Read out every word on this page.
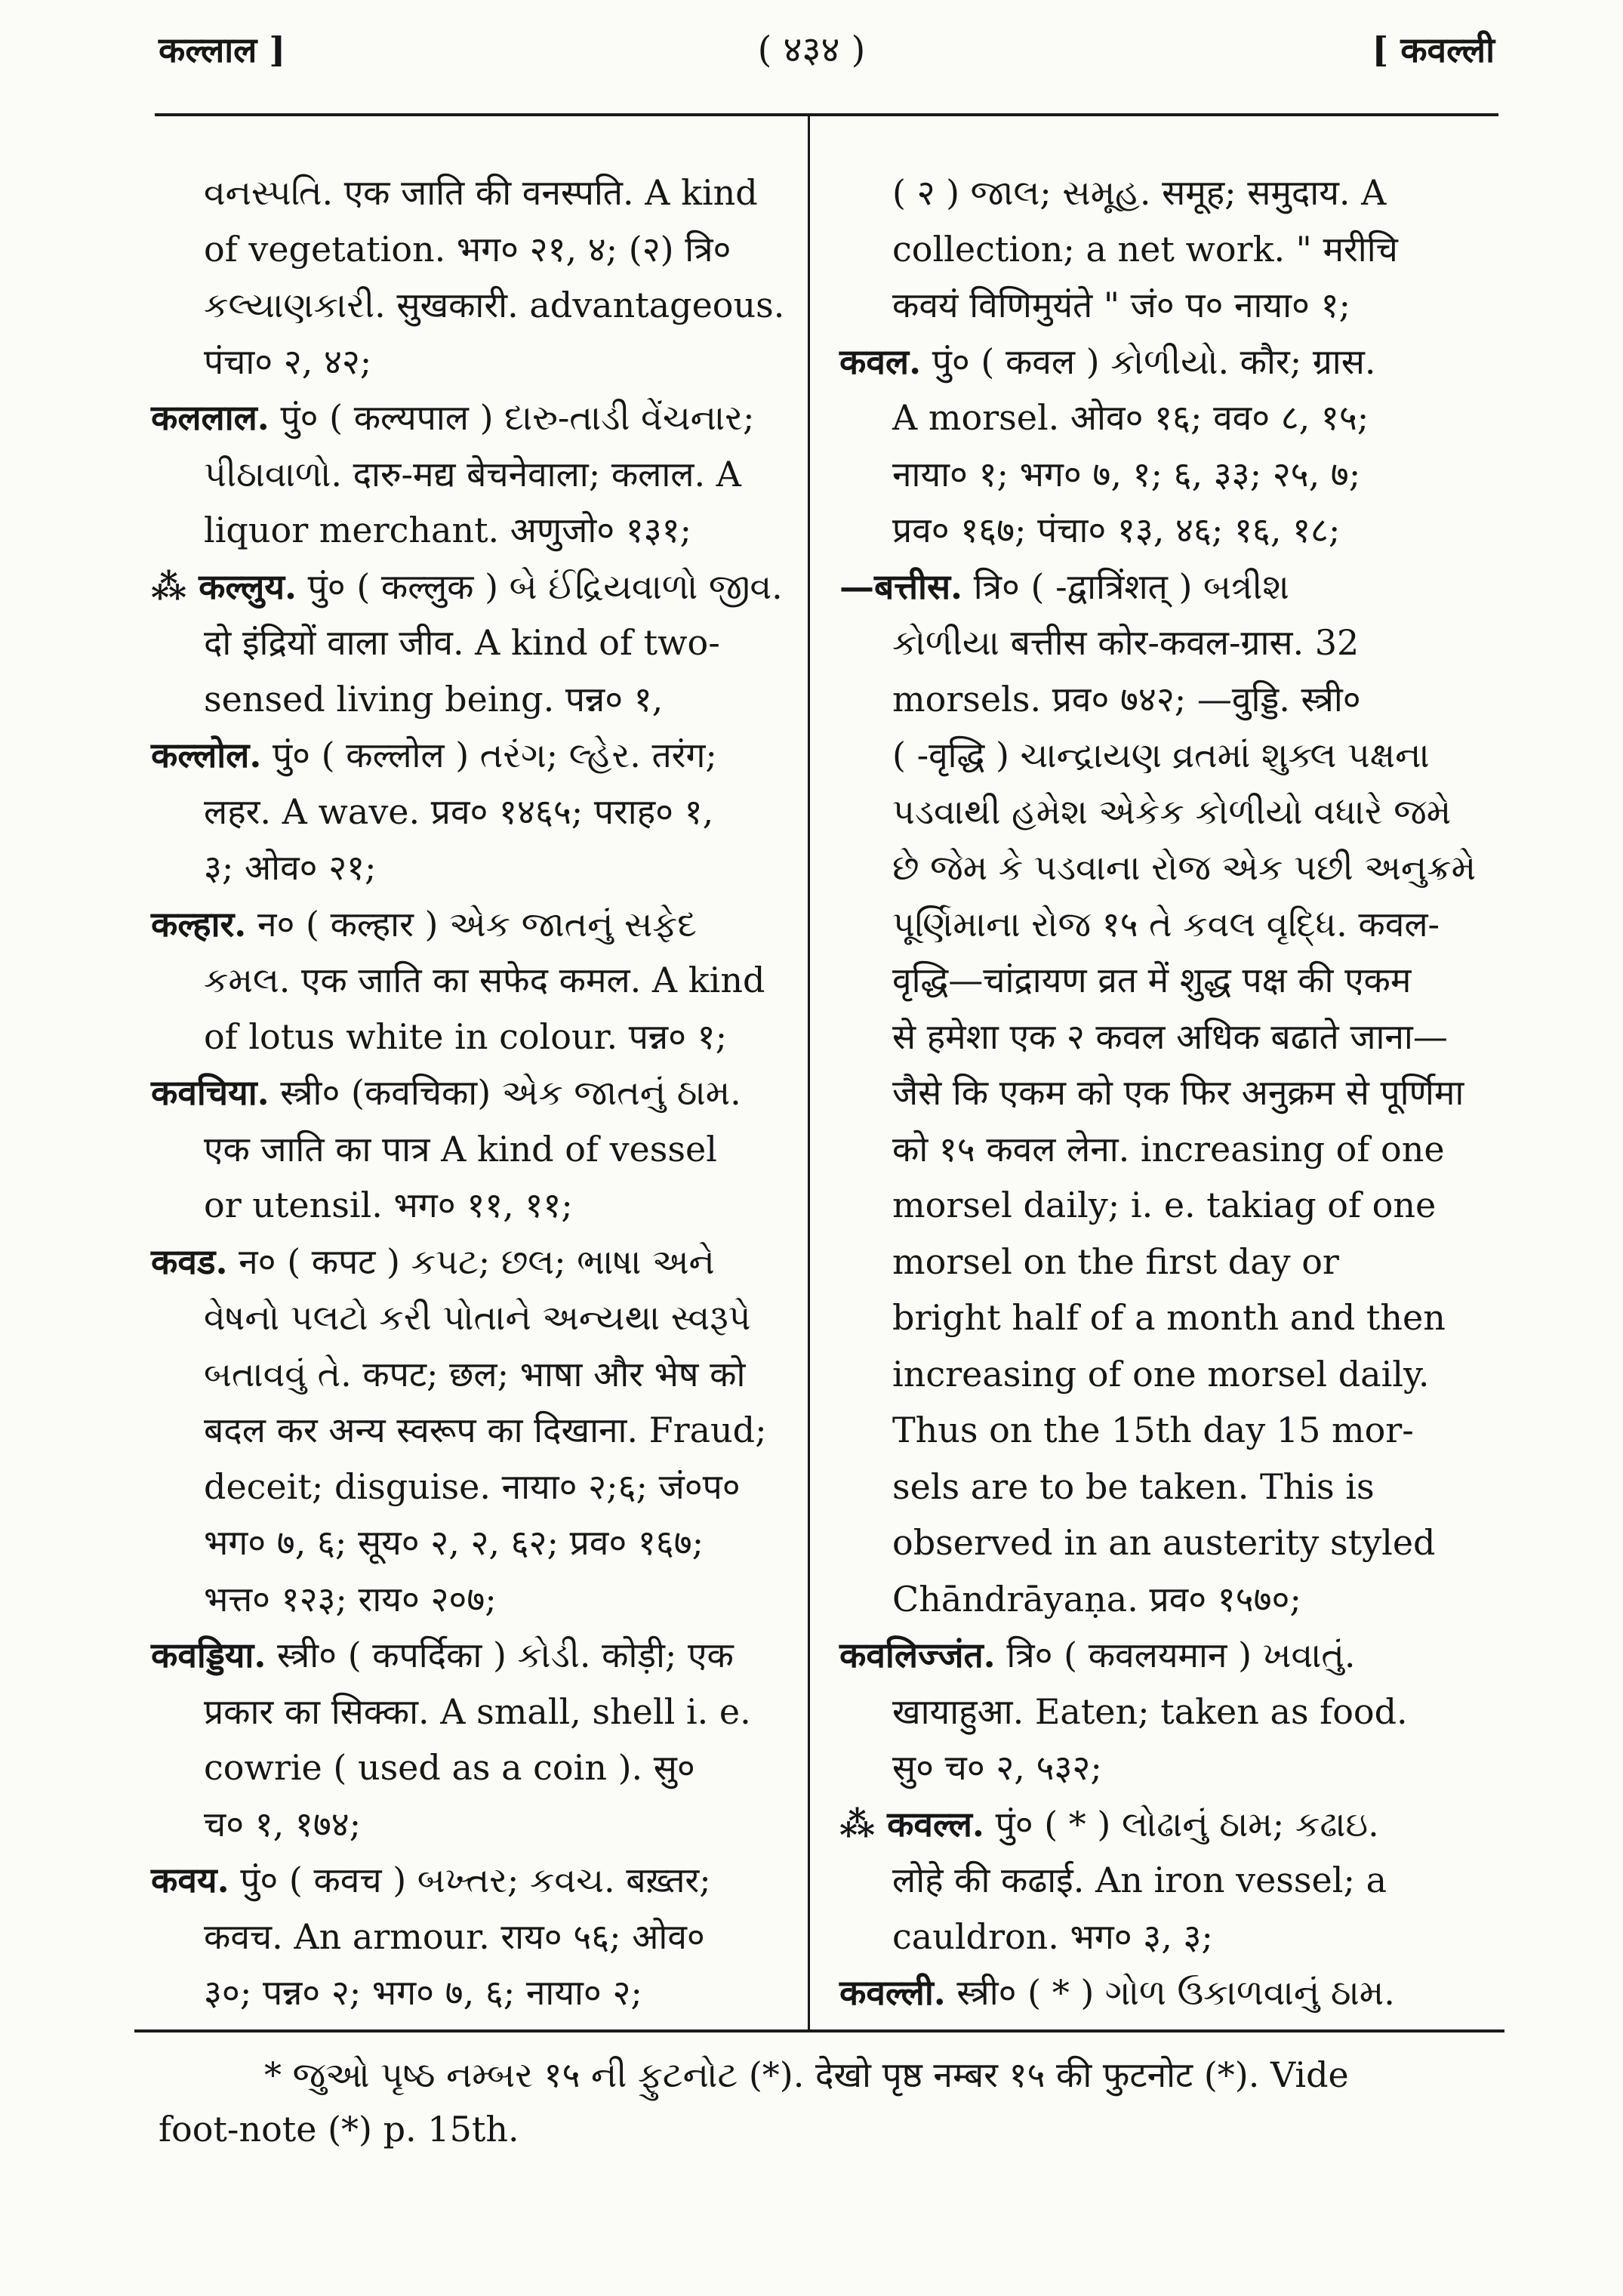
कल्लाल ]	( ४३४ )	[ कवल्ली
વનસ્પતિ. एक जाति की वनस्पति. A kind
of vegetation. भग० २१, ४; (२) त्रि०
કલ્યાણકારી. सुखकारी. advantageous.
पंचा० २, ४२;
कललाल. पुं० ( कल्यपाल ) દારુ-તાડી વેંચનાર;
પીઠાવાળો. दारु-मद्य बेचनेवाला; कलाल. A
liquor merchant. अणुजो० १३१;
⁂ कल्लुय. पुं० ( कल्लुक ) બે ઈંદ્રિયવાળો જીવ.
दो इंद्रियों वाला जीव. A kind of two-
sensed living being. पन्न० १,
कल्लोल. पुं० ( कल्लोल ) તરંગ; લ્હેર. तरंग;
लहर. A wave. प्रव० १४६५; पराह० १,
३; ओव० २१;
कल्हार. न० ( कल्हार ) એક જાતનું સફેદ
કમલ. एक जाति का सफेद कमल. A kind
of lotus white in colour. पन्न० १;
कवचिया. स्त्री० (कवचिका) એક જાતનું ઠામ.
एक जाति का पात्र A kind of vessel
or utensil. भग० ११, ११;
कवड. न० ( कपट ) કપટ; છલ; ભાષા અને
વેષનો પલટો કરી પોતાને અન્યથા સ્વરૂપે
બતાવવું તે. कपट; छल; भाषा और भेष को
बदल कर अन्य स्वरूप का दिखाना. Fraud;
deceit; disguise. नाया० २;६; जं०प०
भग० ७, ६; सूय० २, २, ६२; प्रव० १६७;
भत्त० १२३; राय० २०७;
कवड्डिया. स्त्री० ( कपर्दिका ) કોડી. कोड़ी; एक
प्रकार का सिक्का. A small, shell i. e.
cowrie ( used as a coin ). सु०
च० १, १७४;
कवय. पुं० ( कवच ) બખ્તર; કવચ. बख़्तर;
कवच. An armour. राय० ५६; ओव०
३०; पन्न० २; भग० ७, ६; नाया० २;
( २ ) જાલ; સમૂહ. समूह; समुदाय. A
collection; a net work. " मरीचि
कवयं विणिमुयंते " जं० प० नाया० १;
कवल. पुं० ( कवल ) કોળીયો. कौर; ग्रास.
A morsel. ओव० १६; वव० ८, १५;
नाया० १; भग० ७, १; ६, ३३; २५, ७;
प्रव० १६७; पंचा० १३, ४६; १६, १८;
—बत्तीस. त्रि० ( -द्वात्रिंशत् ) બત્રીશ
કોળીયા बत्तीस कोर-कवल-ग्रास. 32
morsels. प्रव० ७४२; —वुड्डि. स्त्री०
( -वृद्धि ) ચાન્દ્રાયણ વ્રતમાં શુક્લ પક્ષના
પડવાથી હમેશ એકેક કોળીયો વધારે જમે
છે જેમ કે પડવાના રોજ એક પછી અનુક્રમે
પૂર્ણિમાના રોજ १५ તે કવલ વૃદ્ધિ. कवल-
वृद्धि—चांद्रायण व्रत में शुद्ध पक्ष की एकम
से हमेशा एक २ कवल अधिक बढाते जाना—
जैसे कि एकम को एक फिर अनुक्रम से पूर्णिमा
को १५ कवल लेना. increasing of one
morsel daily; i. e. takiag of one
morsel on the first day or
bright half of a month and then
increasing of one morsel daily.
Thus on the 15th day 15 mor-
sels are to be taken. This is
observed in an austerity styled
Chāndrāyaṇa. प्रव० १५७०;
कवलिज्जंत. त्रि० ( कवलयमान ) ખવાતું.
खायाहुआ. Eaten; taken as food.
सु० च० २, ५३२;
⁂ कवल्ल. पुं० ( * ) લોઢાનું ઠામ; કઢાઇ.
लोहे की कढाई. An iron vessel; a
cauldron. भग० ३, ३;
कवल्ली. स्त्री० ( * ) ગોળ ઉકાળવાનું ઠામ.
* જુઓ પૃષ્ઠ નમ્બર १५ ની ફુટનોટ (*). देखो पृष्ठ नम्बर १५ की फुटनोट (*). Vide
foot-note (*) p. 15th.
